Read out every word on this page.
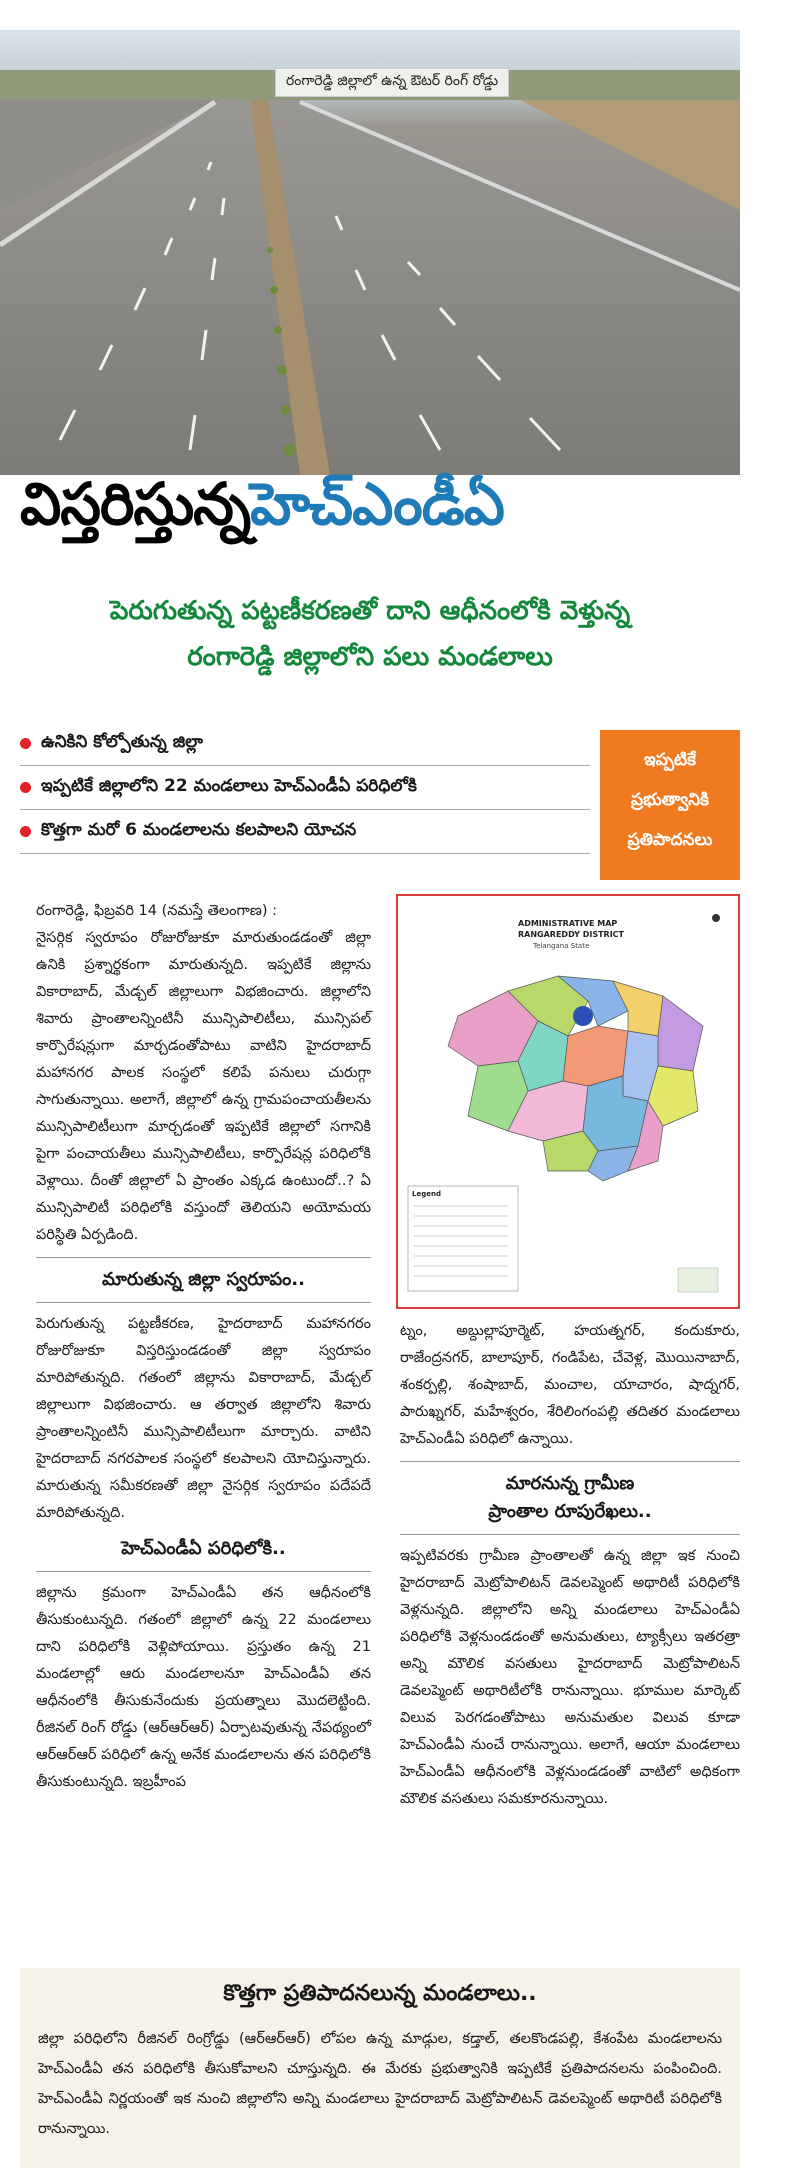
రంగారెడ్డి జిల్లాలో ఉన్న ఔటర్ రింగ్ రోడ్డు
విస్తరిస్తున్నహెచ్ఎండీఏ
పెరుగుతున్న పట్టణీకరణతో దాని ఆధీనంలోకి వెళ్తున్న
రంగారెడ్డి జిల్లాలోని పలు మండలాలు
ఉనికిని కోల్పోతున్న జిల్లా
ఇప్పటికే జిల్లాలోని 22 మండలాలు హెచ్ఎండీఏ పరిధిలోకి
కొత్తగా మరో 6 మండలాలను కలపాలని యోచన
ఇప్పటికే
ప్రభుత్వానికి
ప్రతిపాదనలు
ADMINISTRATIVE MAP
RANGAREDDY DISTRICT
Telangana State
Legend

రంగారెడ్డి, ఫిబ్రవరి 14 (నమస్తే తెలంగాణ) :

నైసర్గిక స్వరూపం రోజురోజుకూ మారుతుండడంతో జిల్లా ఉనికి ప్రశ్నార్థకంగా మారుతున్నది. ఇప్పటికే జిల్లాను వికారాబాద్, మేడ్చల్ జిల్లాలుగా విభజించారు. జిల్లాలోని శివారు ప్రాంతాలన్నింటినీ మున్సిపాలిటీలు, మున్సిపల్ కార్పొరేషన్లుగా మార్చడంతోపాటు వాటిని హైదరాబాద్ మహానగర పాలక సంస్థలో కలిపే పనులు చురుగ్గా సాగుతున్నాయి. అలాగే, జిల్లాలో ఉన్న గ్రామపంచాయతీలను మున్సిపాలిటీలుగా మార్చడంతో ఇప్పటికే జిల్లాలో సగానికి పైగా పంచాయతీలు మున్సిపాలిటీలు, కార్పొరేషన్ల పరిధిలోకి వెళ్లాయి. దీంతో జిల్లాలో ఏ ప్రాంతం ఎక్కడ ఉంటుందో..? ఏ మున్సిపాలిటీ పరిధిలోకి వస్తుందో తెలియని అయోమయ పరిస్థితి ఏర్పడింది.

మారుతున్న జిల్లా స్వరూపం..

పెరుగుతున్న పట్టణీకరణ, హైదరాబాద్ మహానగరం రోజురోజుకూ విస్తరిస్తుండడంతో జిల్లా స్వరూపం మారిపోతున్నది. గతంలో జిల్లాను వికారాబాద్, మేడ్చల్ జిల్లాలుగా విభజించారు. ఆ తర్వాత జిల్లాలోని శివారు ప్రాంతాలన్నింటినీ మున్సిపాలిటీలుగా మార్చారు. వాటిని హైదరాబాద్ నగరపాలక సంస్థలో కలపాలని యోచిస్తున్నారు. మారుతున్న సమీకరణతో జిల్లా నైసర్గిక స్వరూపం పదేపదే మారిపోతున్నది.

హెచ్ఎండీఏ పరిధిలోకి..

జిల్లాను క్రమంగా హెచ్ఎండీఏ తన ఆధీనంలోకి తీసుకుంటున్నది. గతంలో జిల్లాలో ఉన్న 22 మండలాలు దాని పరిధిలోకి వెళ్లిపోయాయి. ప్రస్తుతం ఉన్న 21 మండలాల్లో ఆరు మండలాలనూ హెచ్ఎండీఏ తన ఆధీనంలోకి తీసుకునేందుకు ప్రయత్నాలు మొదలెట్టింది. రీజినల్ రింగ్ రోడ్డు (ఆర్ఆర్ఆర్) ఏర్పాటవుతున్న నేపథ్యంలో ఆర్ఆర్ఆర్ పరిధిలో ఉన్న అనేక మండలాలను తన పరిధిలోకి తీసుకుంటున్నది. ఇబ్రహీంప

ట్నం, అబ్దుల్లాపూర్మెట్, హయత్నగర్, కందుకూరు, రాజేంద్రనగర్, బాలాపూర్, గండిపేట, చేవెళ్ల, మొయినాబాద్, శంకర్పల్లి, శంషాబాద్, మంచాల, యాచారం, షాద్నగర్, పారుఖ్నగర్, మహేశ్వరం, శేరిలింగంపల్లి తదితర మండలాలు హెచ్ఎండీఏ పరిధిలో ఉన్నాయి.

మారనున్న గ్రామీణ
ప్రాంతాల రూపురేఖలు..

ఇప్పటివరకు గ్రామీణ ప్రాంతాలతో ఉన్న జిల్లా ఇక నుంచి హైదరాబాద్ మెట్రోపాలిటన్ డెవలప్మెంట్ అథారిటీ పరిధిలోకి వెళ్లనున్నది. జిల్లాలోని అన్ని మండలాలు హెచ్ఎండీఏ పరిధిలోకి వెళ్లనుండడంతో అనుమతులు, ట్యాక్సీలు ఇతరత్రా అన్ని మౌలిక వసతులు హైదరాబాద్ మెట్రోపాలిటన్ డెవలప్మెంట్ అథారిటీలోకి రానున్నాయి. భూముల మార్కెట్ విలువ పెరగడంతోపాటు అనుమతుల విలువ కూడా హెచ్ఎండీఏ నుంచే రానున్నాయి. అలాగే, ఆయా మండలాలు హెచ్ఎండీఏ ఆధీనంలోకి వెళ్లనుండడంతో వాటిలో అధికంగా మౌలిక వసతులు సమకూరనున్నాయి.

కొత్తగా ప్రతిపాదనలున్న మండలాలు..
జిల్లా పరిధిలోని రీజినల్ రింగ్రోడ్డు (ఆర్ఆర్ఆర్) లోపల ఉన్న మాడ్గుల, కడ్తాల్, తలకొండపల్లి, కేశంపేట మండలాలను హెచ్ఎండీఏ తన పరిధిలోకి తీసుకోవాలని చూస్తున్నది. ఈ మేరకు ప్రభుత్వానికి ఇప్పటికే ప్రతిపాదనలను పంపించింది. హెచ్ఎండీఏ నిర్ణయంతో ఇక నుంచి జిల్లాలోని అన్ని మండలాలు హైదరాబాద్ మెట్రోపాలిటన్ డెవలప్మెంట్ అథారిటీ పరిధిలోకి రానున్నాయి.
